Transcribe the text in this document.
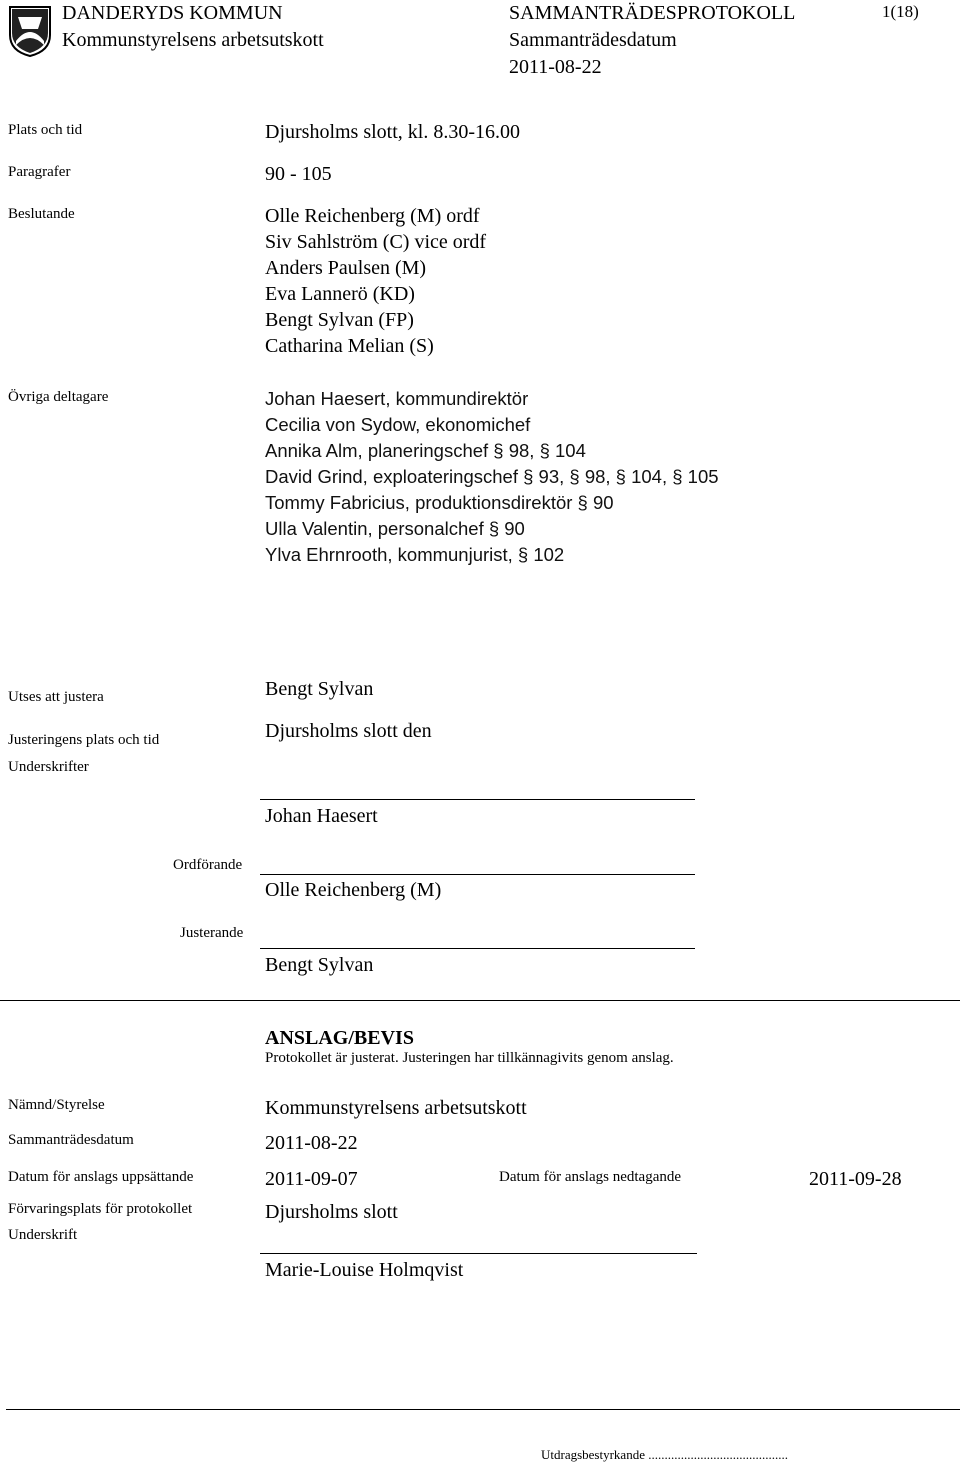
DANDERYDS KOMMUN
Kommunstyrelsens arbetsutskott
SAMMANTRÄDESPROTOKOLL
Sammanträdesdatum
2011-08-22
1(18)
Plats och tid	Djursholms slott, kl. 8.30-16.00
Paragrafer	90 - 105
Beslutande	Olle Reichenberg (M) ordf
Siv Sahlström (C) vice ordf
Anders Paulsen (M)
Eva Lannerö (KD)
Bengt Sylvan (FP)
Catharina Melian (S)
Övriga deltagare	Johan Haesert, kommundirektör
Cecilia von Sydow, ekonomichef
Annika Alm, planeringschef § 98, § 104
David Grind, exploateringschef § 93, § 98, § 104, § 105
Tommy Fabricius, produktionsdirektör § 90
Ulla Valentin, personalchef § 90
Ylva Ehrnrooth, kommunjurist, § 102
Utses att justera	Bengt Sylvan
Justeringens plats och tid	Djursholms slott den
Underskrifter
Johan Haesert
Ordförande
Olle Reichenberg (M)
Justerande
Bengt Sylvan
ANSLAG/BEVIS
Protokollet är justerat. Justeringen har tillkännagivits genom anslag.
Nämnd/Styrelse	Kommunstyrelsens arbetsutskott
Sammanträdesdatum	2011-08-22
Datum för anslags uppsättande	2011-09-07	Datum för anslags nedtagande	2011-09-28
Förvaringsplats för protokollet	Djursholms slott
Underskrift
Marie-Louise Holmqvist
Utdragsbestyrkande ...........................................
